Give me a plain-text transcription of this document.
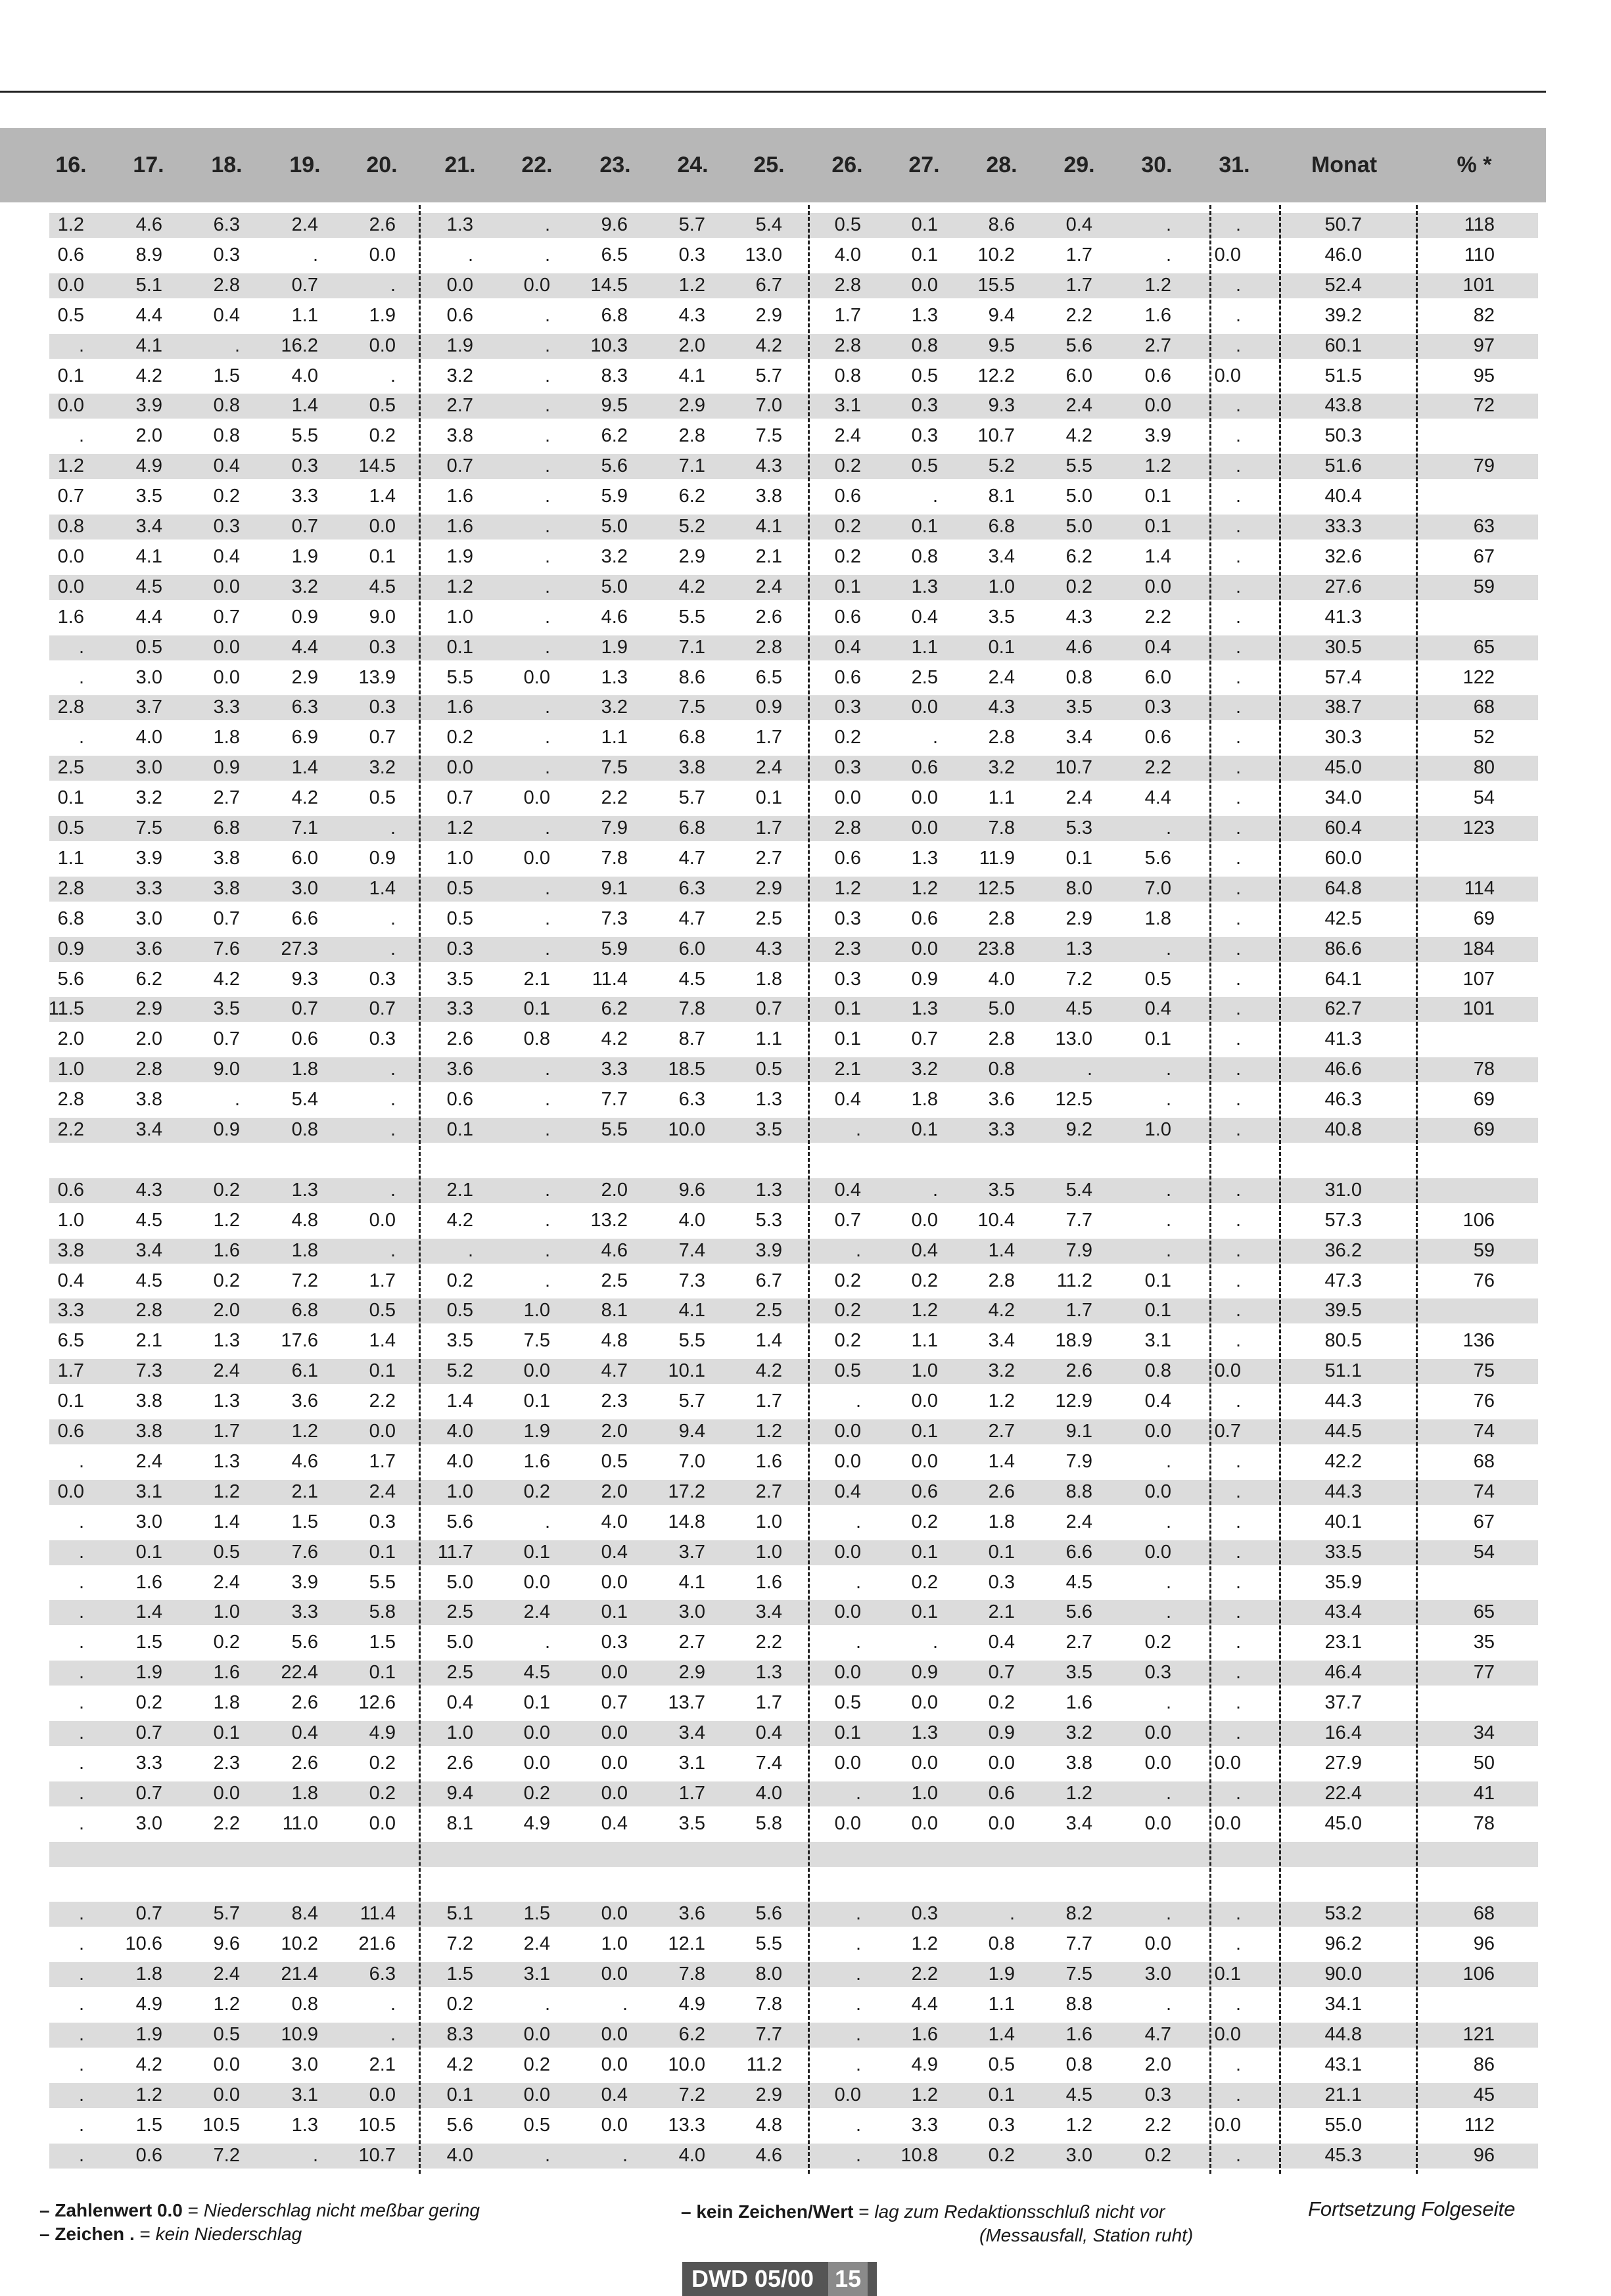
16.	17.	18.	19.	20.	21.	22.	23.	24.	25.	26.	27.	28.	29.	30.	31.	Monat	% *
1.2	4.6	6.3	2.4	2.6	1.3	.	9.6	5.7	5.4	0.5	0.1	8.6	0.4	.	.	50.7	118
0.6	8.9	0.3	.	0.0	.	.	6.5	0.3	13.0	4.0	0.1	10.2	1.7	.	0.0	46.0	110
0.0	5.1	2.8	0.7	.	0.0	0.0	14.5	1.2	6.7	2.8	0.0	15.5	1.7	1.2	.	52.4	101
0.5	4.4	0.4	1.1	1.9	0.6	.	6.8	4.3	2.9	1.7	1.3	9.4	2.2	1.6	.	39.2	82
.	4.1	.	16.2	0.0	1.9	.	10.3	2.0	4.2	2.8	0.8	9.5	5.6	2.7	.	60.1	97
0.1	4.2	1.5	4.0	.	3.2	.	8.3	4.1	5.7	0.8	0.5	12.2	6.0	0.6	0.0	51.5	95
0.0	3.9	0.8	1.4	0.5	2.7	.	9.5	2.9	7.0	3.1	0.3	9.3	2.4	0.0	.	43.8	72
.	2.0	0.8	5.5	0.2	3.8	.	6.2	2.8	7.5	2.4	0.3	10.7	4.2	3.9	.	50.3
1.2	4.9	0.4	0.3	14.5	0.7	.	5.6	7.1	4.3	0.2	0.5	5.2	5.5	1.2	.	51.6	79
0.7	3.5	0.2	3.3	1.4	1.6	.	5.9	6.2	3.8	0.6	.	8.1	5.0	0.1	.	40.4
0.8	3.4	0.3	0.7	0.0	1.6	.	5.0	5.2	4.1	0.2	0.1	6.8	5.0	0.1	.	33.3	63
0.0	4.1	0.4	1.9	0.1	1.9	.	3.2	2.9	2.1	0.2	0.8	3.4	6.2	1.4	.	32.6	67
0.0	4.5	0.0	3.2	4.5	1.2	.	5.0	4.2	2.4	0.1	1.3	1.0	0.2	0.0	.	27.6	59
1.6	4.4	0.7	0.9	9.0	1.0	.	4.6	5.5	2.6	0.6	0.4	3.5	4.3	2.2	.	41.3
.	0.5	0.0	4.4	0.3	0.1	.	1.9	7.1	2.8	0.4	1.1	0.1	4.6	0.4	.	30.5	65
.	3.0	0.0	2.9	13.9	5.5	0.0	1.3	8.6	6.5	0.6	2.5	2.4	0.8	6.0	.	57.4	122
2.8	3.7	3.3	6.3	0.3	1.6	.	3.2	7.5	0.9	0.3	0.0	4.3	3.5	0.3	.	38.7	68
.	4.0	1.8	6.9	0.7	0.2	.	1.1	6.8	1.7	0.2	.	2.8	3.4	0.6	.	30.3	52
2.5	3.0	0.9	1.4	3.2	0.0	.	7.5	3.8	2.4	0.3	0.6	3.2	10.7	2.2	.	45.0	80
0.1	3.2	2.7	4.2	0.5	0.7	0.0	2.2	5.7	0.1	0.0	0.0	1.1	2.4	4.4	.	34.0	54
0.5	7.5	6.8	7.1	.	1.2	.	7.9	6.8	1.7	2.8	0.0	7.8	5.3	.	.	60.4	123
1.1	3.9	3.8	6.0	0.9	1.0	0.0	7.8	4.7	2.7	0.6	1.3	11.9	0.1	5.6	.	60.0
2.8	3.3	3.8	3.0	1.4	0.5	.	9.1	6.3	2.9	1.2	1.2	12.5	8.0	7.0	.	64.8	114
6.8	3.0	0.7	6.6	.	0.5	.	7.3	4.7	2.5	0.3	0.6	2.8	2.9	1.8	.	42.5	69
0.9	3.6	7.6	27.3	.	0.3	.	5.9	6.0	4.3	2.3	0.0	23.8	1.3	.	.	86.6	184
5.6	6.2	4.2	9.3	0.3	3.5	2.1	11.4	4.5	1.8	0.3	0.9	4.0	7.2	0.5	.	64.1	107
11.5	2.9	3.5	0.7	0.7	3.3	0.1	6.2	7.8	0.7	0.1	1.3	5.0	4.5	0.4	.	62.7	101
2.0	2.0	0.7	0.6	0.3	2.6	0.8	4.2	8.7	1.1	0.1	0.7	2.8	13.0	0.1	.	41.3
1.0	2.8	9.0	1.8	.	3.6	.	3.3	18.5	0.5	2.1	3.2	0.8	.	.	.	46.6	78
2.8	3.8	.	5.4	.	0.6	.	7.7	6.3	1.3	0.4	1.8	3.6	12.5	.	.	46.3	69
2.2	3.4	0.9	0.8	.	0.1	.	5.5	10.0	3.5	.	0.1	3.3	9.2	1.0	.	40.8	69
0.6	4.3	0.2	1.3	.	2.1	.	2.0	9.6	1.3	0.4	.	3.5	5.4	.	.	31.0
1.0	4.5	1.2	4.8	0.0	4.2	.	13.2	4.0	5.3	0.7	0.0	10.4	7.7	.	.	57.3	106
3.8	3.4	1.6	1.8	.	.	.	4.6	7.4	3.9	.	0.4	1.4	7.9	.	.	36.2	59
0.4	4.5	0.2	7.2	1.7	0.2	.	2.5	7.3	6.7	0.2	0.2	2.8	11.2	0.1	.	47.3	76
3.3	2.8	2.0	6.8	0.5	0.5	1.0	8.1	4.1	2.5	0.2	1.2	4.2	1.7	0.1	.	39.5
6.5	2.1	1.3	17.6	1.4	3.5	7.5	4.8	5.5	1.4	0.2	1.1	3.4	18.9	3.1	.	80.5	136
1.7	7.3	2.4	6.1	0.1	5.2	0.0	4.7	10.1	4.2	0.5	1.0	3.2	2.6	0.8	0.0	51.1	75
0.1	3.8	1.3	3.6	2.2	1.4	0.1	2.3	5.7	1.7	.	0.0	1.2	12.9	0.4	.	44.3	76
0.6	3.8	1.7	1.2	0.0	4.0	1.9	2.0	9.4	1.2	0.0	0.1	2.7	9.1	0.0	0.7	44.5	74
.	2.4	1.3	4.6	1.7	4.0	1.6	0.5	7.0	1.6	0.0	0.0	1.4	7.9	.	.	42.2	68
0.0	3.1	1.2	2.1	2.4	1.0	0.2	2.0	17.2	2.7	0.4	0.6	2.6	8.8	0.0	.	44.3	74
.	3.0	1.4	1.5	0.3	5.6	.	4.0	14.8	1.0	.	0.2	1.8	2.4	.	.	40.1	67
.	0.1	0.5	7.6	0.1	11.7	0.1	0.4	3.7	1.0	0.0	0.1	0.1	6.6	0.0	.	33.5	54
.	1.6	2.4	3.9	5.5	5.0	0.0	0.0	4.1	1.6	.	0.2	0.3	4.5	.	.	35.9
.	1.4	1.0	3.3	5.8	2.5	2.4	0.1	3.0	3.4	0.0	0.1	2.1	5.6	.	.	43.4	65
.	1.5	0.2	5.6	1.5	5.0	.	0.3	2.7	2.2	.	.	0.4	2.7	0.2	.	23.1	35
.	1.9	1.6	22.4	0.1	2.5	4.5	0.0	2.9	1.3	0.0	0.9	0.7	3.5	0.3	.	46.4	77
.	0.2	1.8	2.6	12.6	0.4	0.1	0.7	13.7	1.7	0.5	0.0	0.2	1.6	.	.	37.7
.	0.7	0.1	0.4	4.9	1.0	0.0	0.0	3.4	0.4	0.1	1.3	0.9	3.2	0.0	.	16.4	34
.	3.3	2.3	2.6	0.2	2.6	0.0	0.0	3.1	7.4	0.0	0.0	0.0	3.8	0.0	0.0	27.9	50
.	0.7	0.0	1.8	0.2	9.4	0.2	0.0	1.7	4.0	.	1.0	0.6	1.2	.	.	22.4	41
.	3.0	2.2	11.0	0.0	8.1	4.9	0.4	3.5	5.8	0.0	0.0	0.0	3.4	0.0	0.0	45.0	78
.	0.7	5.7	8.4	11.4	5.1	1.5	0.0	3.6	5.6	.	0.3	.	8.2	.	.	53.2	68
.	10.6	9.6	10.2	21.6	7.2	2.4	1.0	12.1	5.5	.	1.2	0.8	7.7	0.0	.	96.2	96
.	1.8	2.4	21.4	6.3	1.5	3.1	0.0	7.8	8.0	.	2.2	1.9	7.5	3.0	0.1	90.0	106
.	4.9	1.2	0.8	.	0.2	.	.	4.9	7.8	.	4.4	1.1	8.8	.	.	34.1
.	1.9	0.5	10.9	.	8.3	0.0	0.0	6.2	7.7	.	1.6	1.4	1.6	4.7	0.0	44.8	121
.	4.2	0.0	3.0	2.1	4.2	0.2	0.0	10.0	11.2	.	4.9	0.5	0.8	2.0	.	43.1	86
.	1.2	0.0	3.1	0.0	0.1	0.0	0.4	7.2	2.9	0.0	1.2	0.1	4.5	0.3	.	21.1	45
.	1.5	10.5	1.3	10.5	5.6	0.5	0.0	13.3	4.8	.	3.3	0.3	1.2	2.2	0.0	55.0	112
.	0.6	7.2	.	10.7	4.0	.	.	4.0	4.6	.	10.8	0.2	3.0	0.2	.	45.3	96
– Zahlenwert 0.0 = Niederschlag nicht meßbar gering
– Zeichen . = kein Niederschlag
– kein Zeichen/Wert = lag zum Redaktionsschluß nicht vor
(Messausfall, Station ruht)
Fortsetzung Folgeseite
DWD 05/00 15
